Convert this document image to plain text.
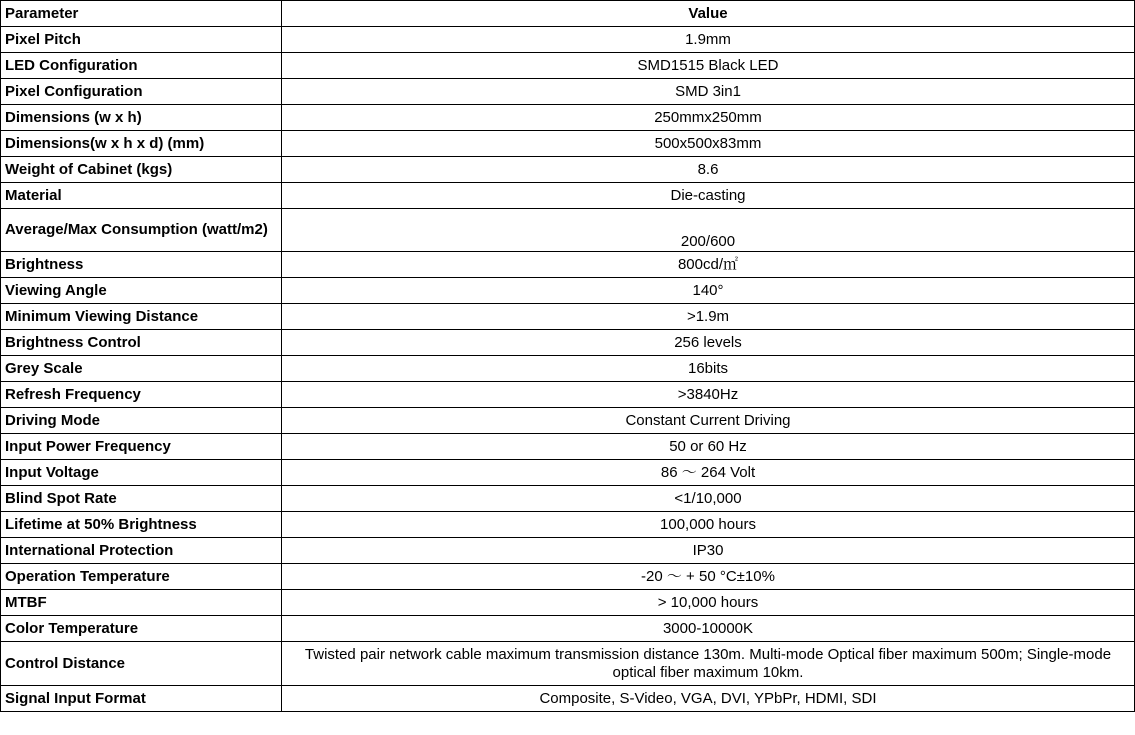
Parameter	Value
Pixel Pitch	1.9mm
LED Configuration	SMD1515 Black LED
Pixel Configuration	SMD 3in1
Dimensions (w x h)	250mmx250mm
Dimensions(w x h x d) (mm)	500x500x83mm
Weight of Cabinet (kgs)	8.6
Material	Die-casting
Average/Max Consumption (watt/m2)	200/600
Brightness	800cd/㎡
Viewing Angle	140°
Minimum Viewing Distance	>1.9m
Brightness Control	256 levels
Grey Scale	16bits
Refresh Frequency	>3840Hz
Driving Mode	Constant Current Driving
Input Power Frequency	50 or 60 Hz
Input Voltage	86 ～ 264 Volt
Blind Spot Rate	<1/10,000
Lifetime at 50% Brightness	100,000 hours
International Protection	IP30
Operation Temperature	-20 ～ + 50 °C±10%
MTBF	> 10,000 hours
Color Temperature	3000-10000K
Control Distance	Twisted pair network cable maximum transmission distance 130m. Multi-mode Optical fiber maximum 500m; Single-mode optical fiber maximum 10km.
Signal Input Format	Composite, S-Video, VGA, DVI, YPbPr, HDMI, SDI
